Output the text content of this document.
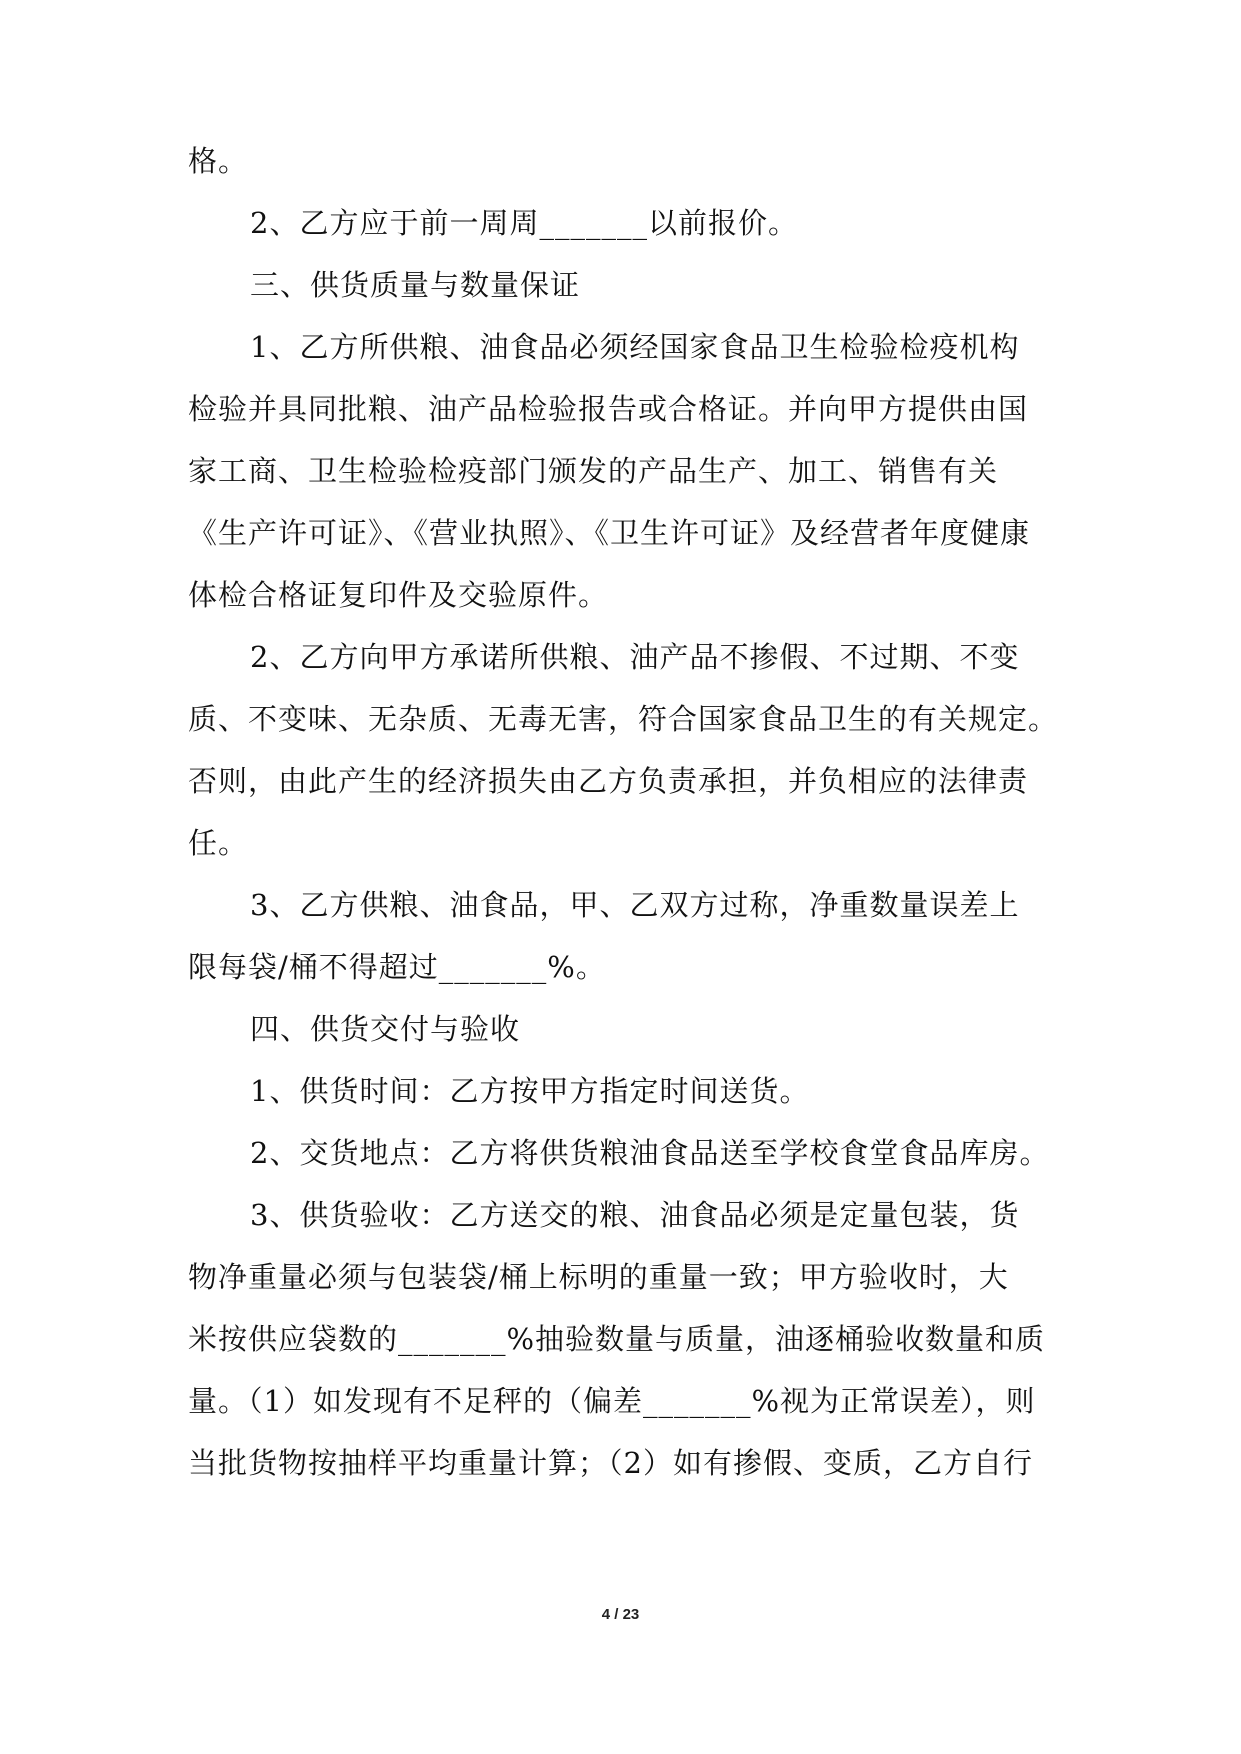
格。

2、乙方应于前一周周_______以前报价。

三、供货质量与数量保证

1、乙方所供粮、油食品必须经国家食品卫生检验检疫机构

检验并具同批粮、油产品检验报告或合格证。并向甲方提供由国

家工商、卫生检验检疫部门颁发的产品生产、加工、销售有关

《生产许可证》、《营业执照》、《卫生许可证》及经营者年度健康

体检合格证复印件及交验原件。

2、乙方向甲方承诺所供粮、油产品不掺假、不过期、不变

质、不变味、无杂质、无毒无害，符合国家食品卫生的有关规定。

否则，由此产生的经济损失由乙方负责承担，并负相应的法律责

任。

3、乙方供粮、油食品，甲、乙双方过称，净重数量误差上

限每袋/桶不得超过_______%。

四、供货交付与验收

1、供货时间：乙方按甲方指定时间送货。

2、交货地点：乙方将供货粮油食品送至学校食堂食品库房。

3、供货验收：乙方送交的粮、油食品必须是定量包装，货

物净重量必须与包装袋/桶上标明的重量一致；甲方验收时，大

米按供应袋数的_______%抽验数量与质量，油逐桶验收数量和质

量。（1）如发现有不足秤的（偏差_______%视为正常误差），则

当批货物按抽样平均重量计算；（2）如有掺假、变质，乙方自行

4 / 23
